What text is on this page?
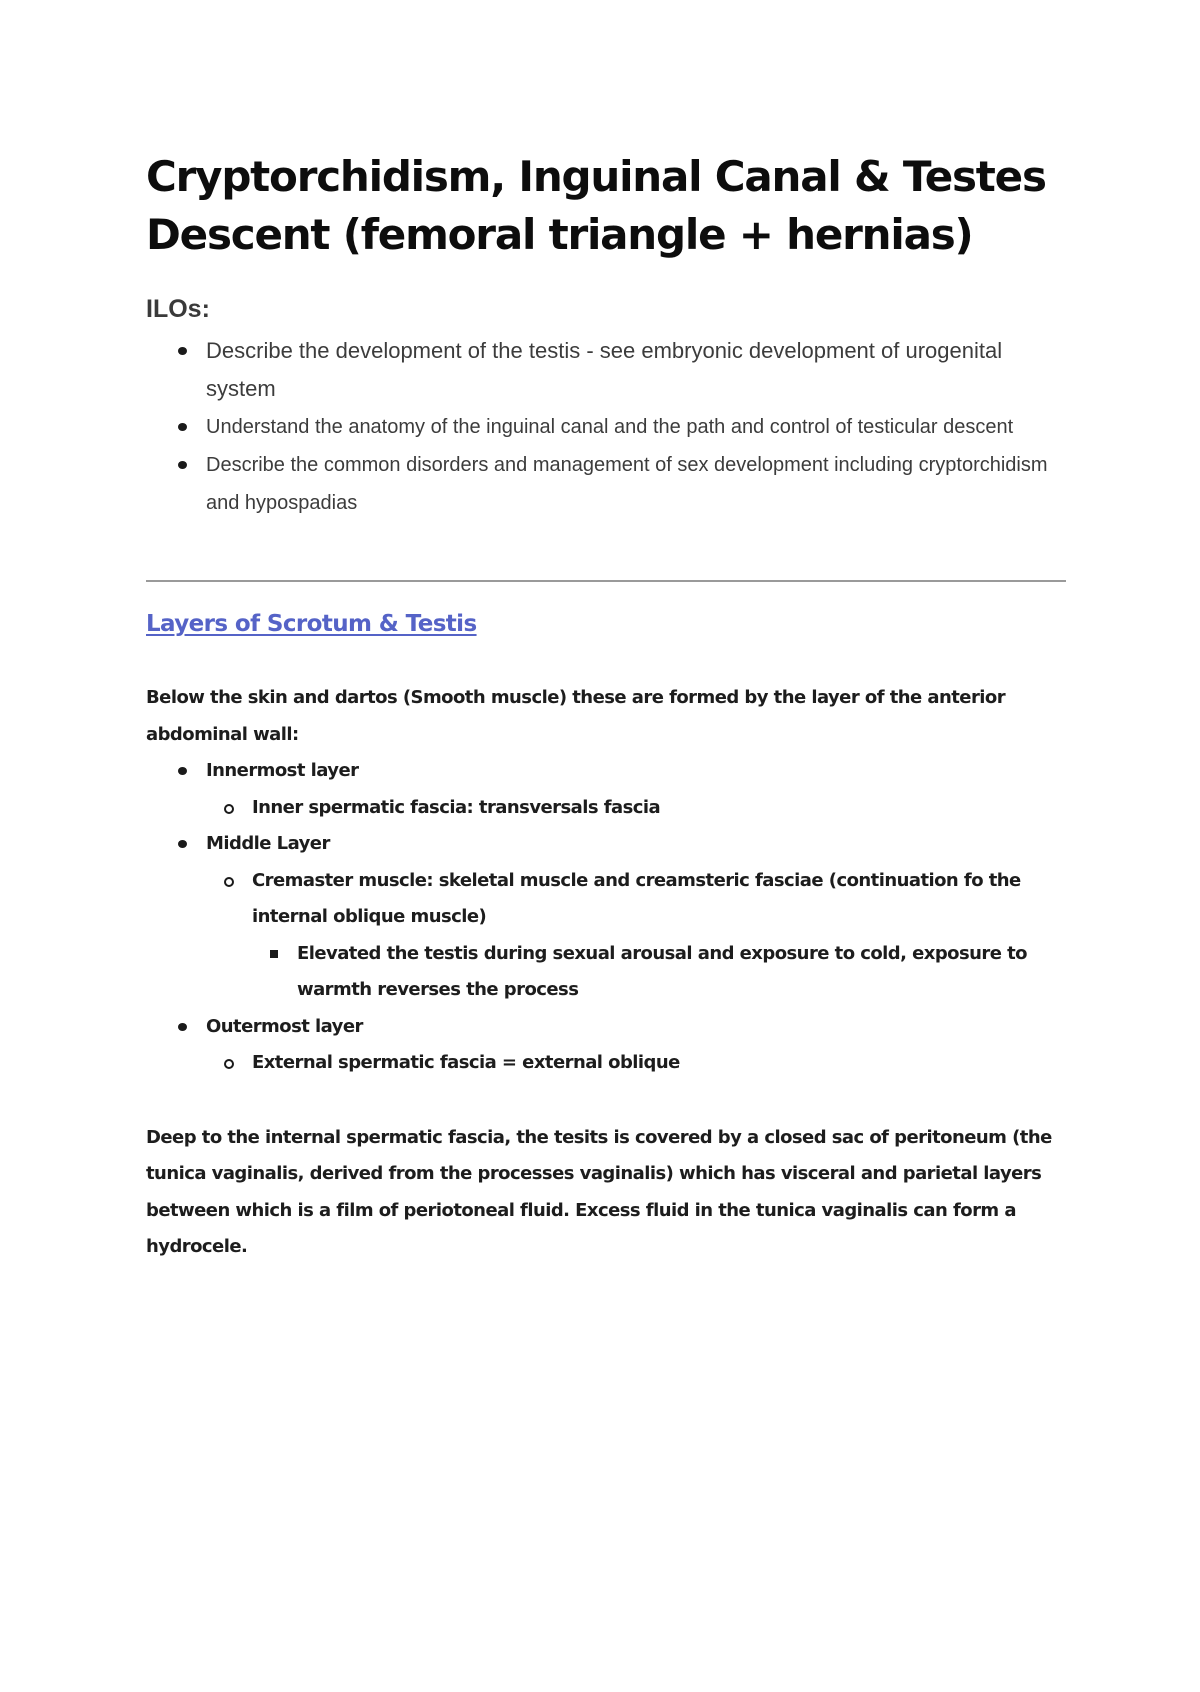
Cryptorchidism, Inguinal Canal & Testes Descent (femoral triangle + hernias)
ILOs:
Describe the development of the testis - see embryonic development of urogenital system
Understand the anatomy of the inguinal canal and the path and control of testicular descent
Describe the common disorders and management of sex development including cryptorchidism and hypospadias
Layers of Scrotum & Testis

Below the skin and dartos (Smooth muscle) these are formed by the layer of the anterior abdominal wall:

Innermost layer
Inner spermatic fascia: transversals fascia
Middle Layer
Cremaster muscle: skeletal muscle and creamsteric fasciae (continuation fo the internal oblique muscle)
Elevated the testis during sexual arousal and exposure to cold, exposure to warmth reverses the process
Outermost layer
External spermatic fascia = external oblique

Deep to the internal spermatic fascia, the tesits is covered by a closed sac of peritoneum (the tunica vaginalis, derived from the processes vaginalis) which has visceral and parietal layers between which is a film of periotoneal fluid. Excess fluid in the tunica vaginalis can form a hydrocele.
